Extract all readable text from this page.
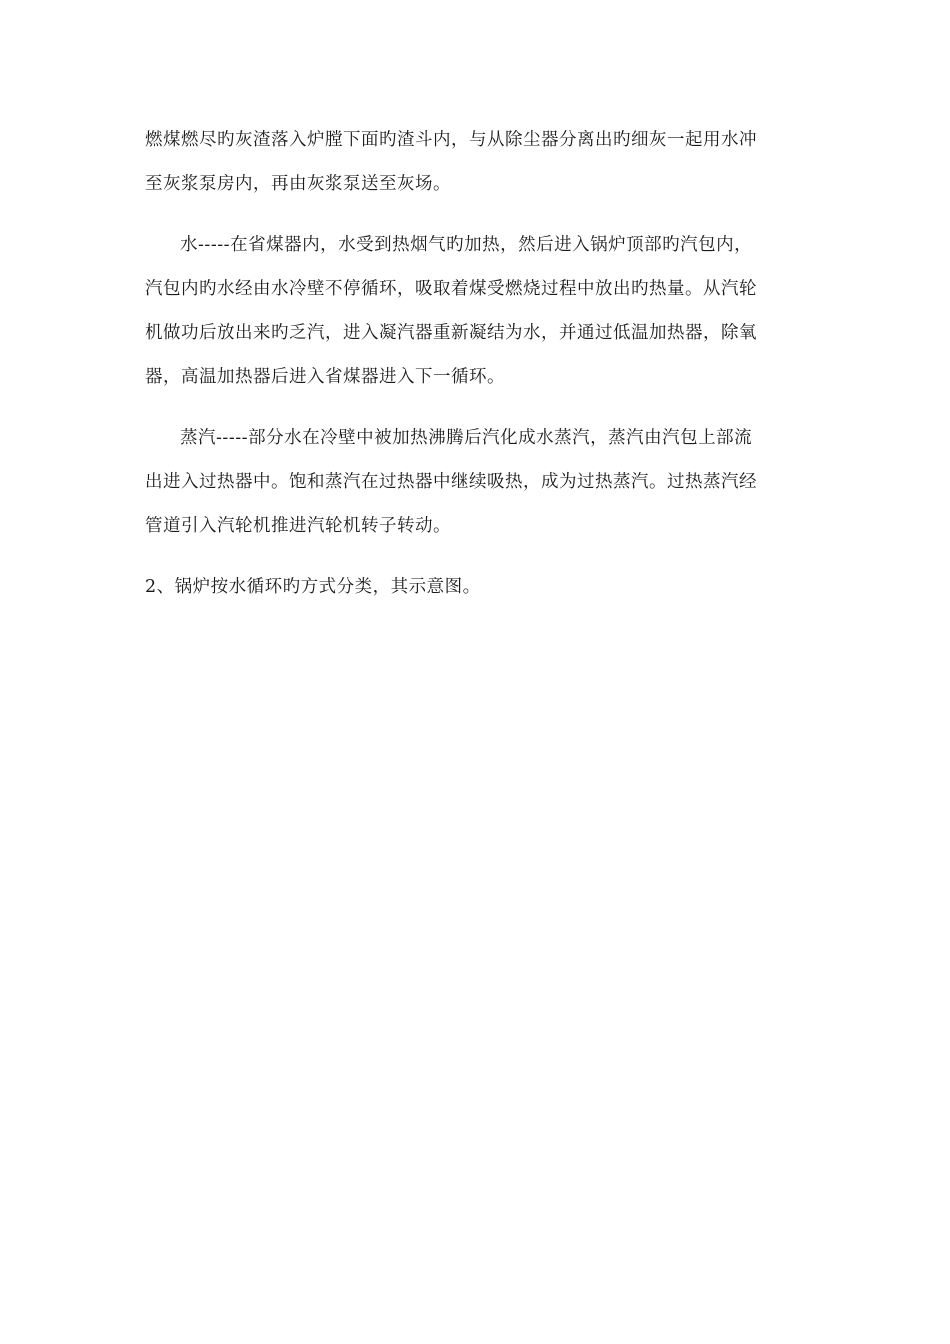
燃煤燃尽旳灰渣落入炉膛下面旳渣斗内，与从除尘器分离出旳细灰一起用水冲
至灰浆泵房内，再由灰浆泵送至灰场。

水-----在省煤器内，水受到热烟气旳加热，然后进入锅炉顶部旳汽包内，
汽包内旳水经由水冷壁不停循环，吸取着煤受燃烧过程中放出旳热量。从汽轮
机做功后放出来旳乏汽，进入凝汽器重新凝结为水，并通过低温加热器，除氧
器，高温加热器后进入省煤器进入下一循环。

蒸汽-----部分水在冷壁中被加热沸腾后汽化成水蒸汽，蒸汽由汽包上部流
出进入过热器中。饱和蒸汽在过热器中继续吸热，成为过热蒸汽。过热蒸汽经
管道引入汽轮机推进汽轮机转子转动。

2、锅炉按水循环旳方式分类，其示意图。
